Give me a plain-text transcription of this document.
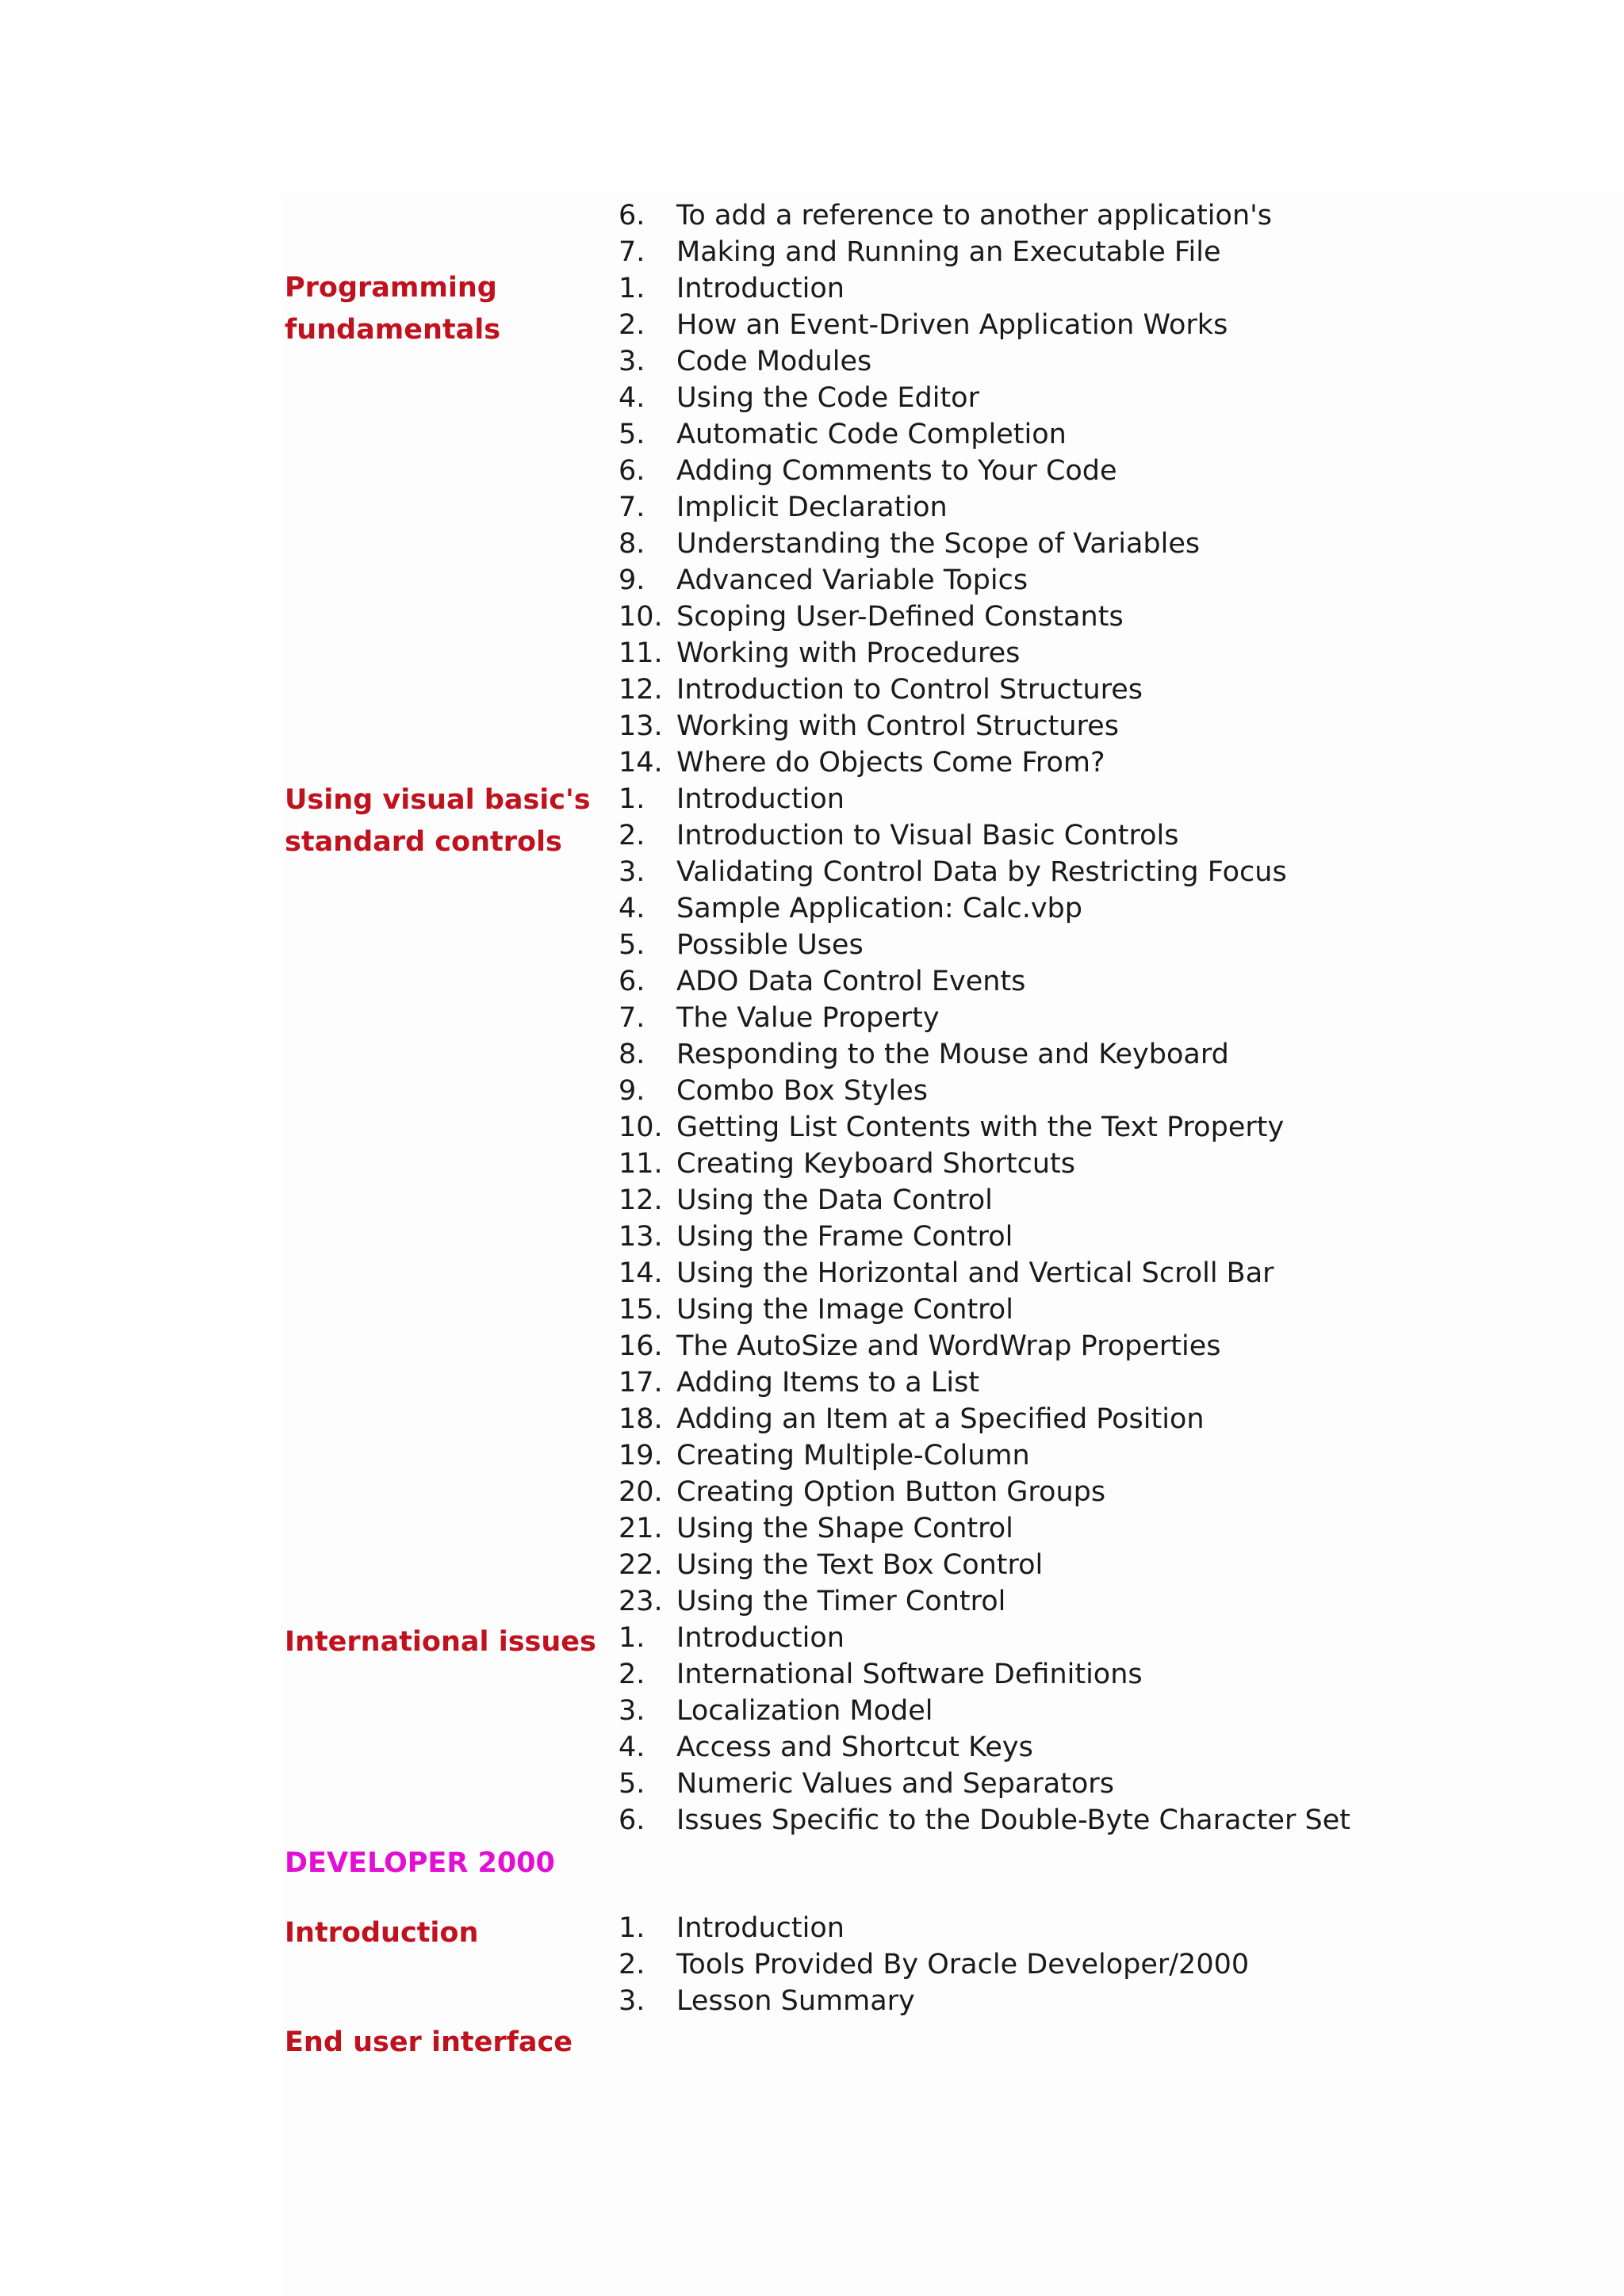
6. To add a reference to another application's
7. Making and Running an Executable File
Programming
fundamentals
1. Introduction
2. How an Event-Driven Application Works
3. Code Modules
4. Using the Code Editor
5. Automatic Code Completion
6. Adding Comments to Your Code
7. Implicit Declaration
8. Understanding the Scope of Variables
9. Advanced Variable Topics
10. Scoping User-Defined Constants
11. Working with Procedures
12. Introduction to Control Structures
13. Working with Control Structures
14. Where do Objects Come From?
Using visual basic's
standard controls
1. Introduction
2. Introduction to Visual Basic Controls
3. Validating Control Data by Restricting Focus
4. Sample Application: Calc.vbp
5. Possible Uses
6. ADO Data Control Events
7. The Value Property
8. Responding to the Mouse and Keyboard
9. Combo Box Styles
10. Getting List Contents with the Text Property
11. Creating Keyboard Shortcuts
12. Using the Data Control
13. Using the Frame Control
14. Using the Horizontal and Vertical Scroll Bar
15. Using the Image Control
16. The AutoSize and WordWrap Properties
17. Adding Items to a List
18. Adding an Item at a Specified Position
19. Creating Multiple-Column
20. Creating Option Button Groups
21. Using the Shape Control
22. Using the Text Box Control
23. Using the Timer Control
International issues 1. Introduction
2. International Software Definitions
3. Localization Model
4. Access and Shortcut Keys
5. Numeric Values and Separators
6. Issues Specific to the Double-Byte Character Set
DEVELOPER 2000
Introduction	1. Introduction
2. Tools Provided By Oracle Developer/2000
3. Lesson Summary
End user interface
